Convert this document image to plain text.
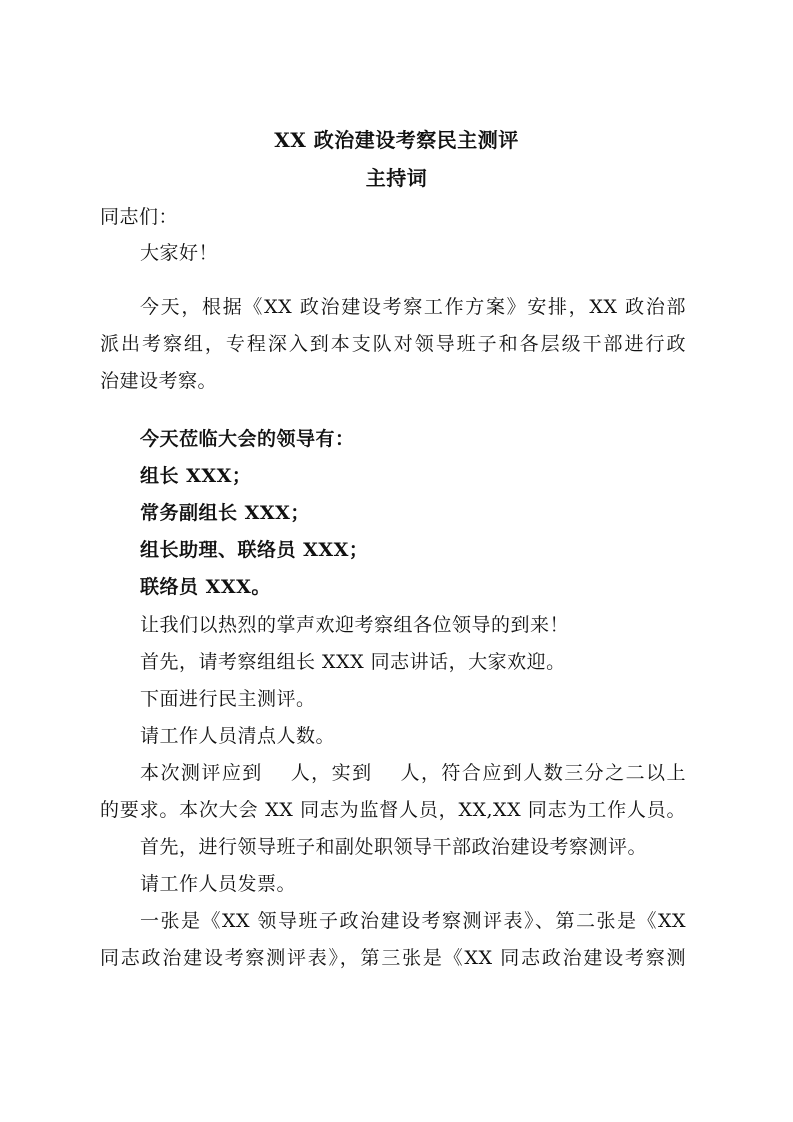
XX 政治建设考察民主测评
主持词
同志们：
大家好！
今天，根据《XX 政治建设考察工作方案》安排，XX 政治部
派出考察组，专程深入到本支队对领导班子和各层级干部进行政
治建设考察。
今天莅临大会的领导有：
组长 XXX；
常务副组长 XXX；
组长助理、联络员 XXX；
联络员 XXX。
让我们以热烈的掌声欢迎考察组各位领导的到来！
首先，请考察组组长 XXX 同志讲话，大家欢迎。
下面进行民主测评。
请工作人员清点人数。
本次测评应到　 人，实到　 人，符合应到人数三分之二以上
的要求。本次大会 XX 同志为监督人员，XX,XX 同志为工作人员。
首先，进行领导班子和副处职领导干部政治建设考察测评。
请工作人员发票。
一张是《XX 领导班子政治建设考察测评表》、第二张是《XX
同志政治建设考察测评表》，第三张是《XX 同志政治建设考察测
